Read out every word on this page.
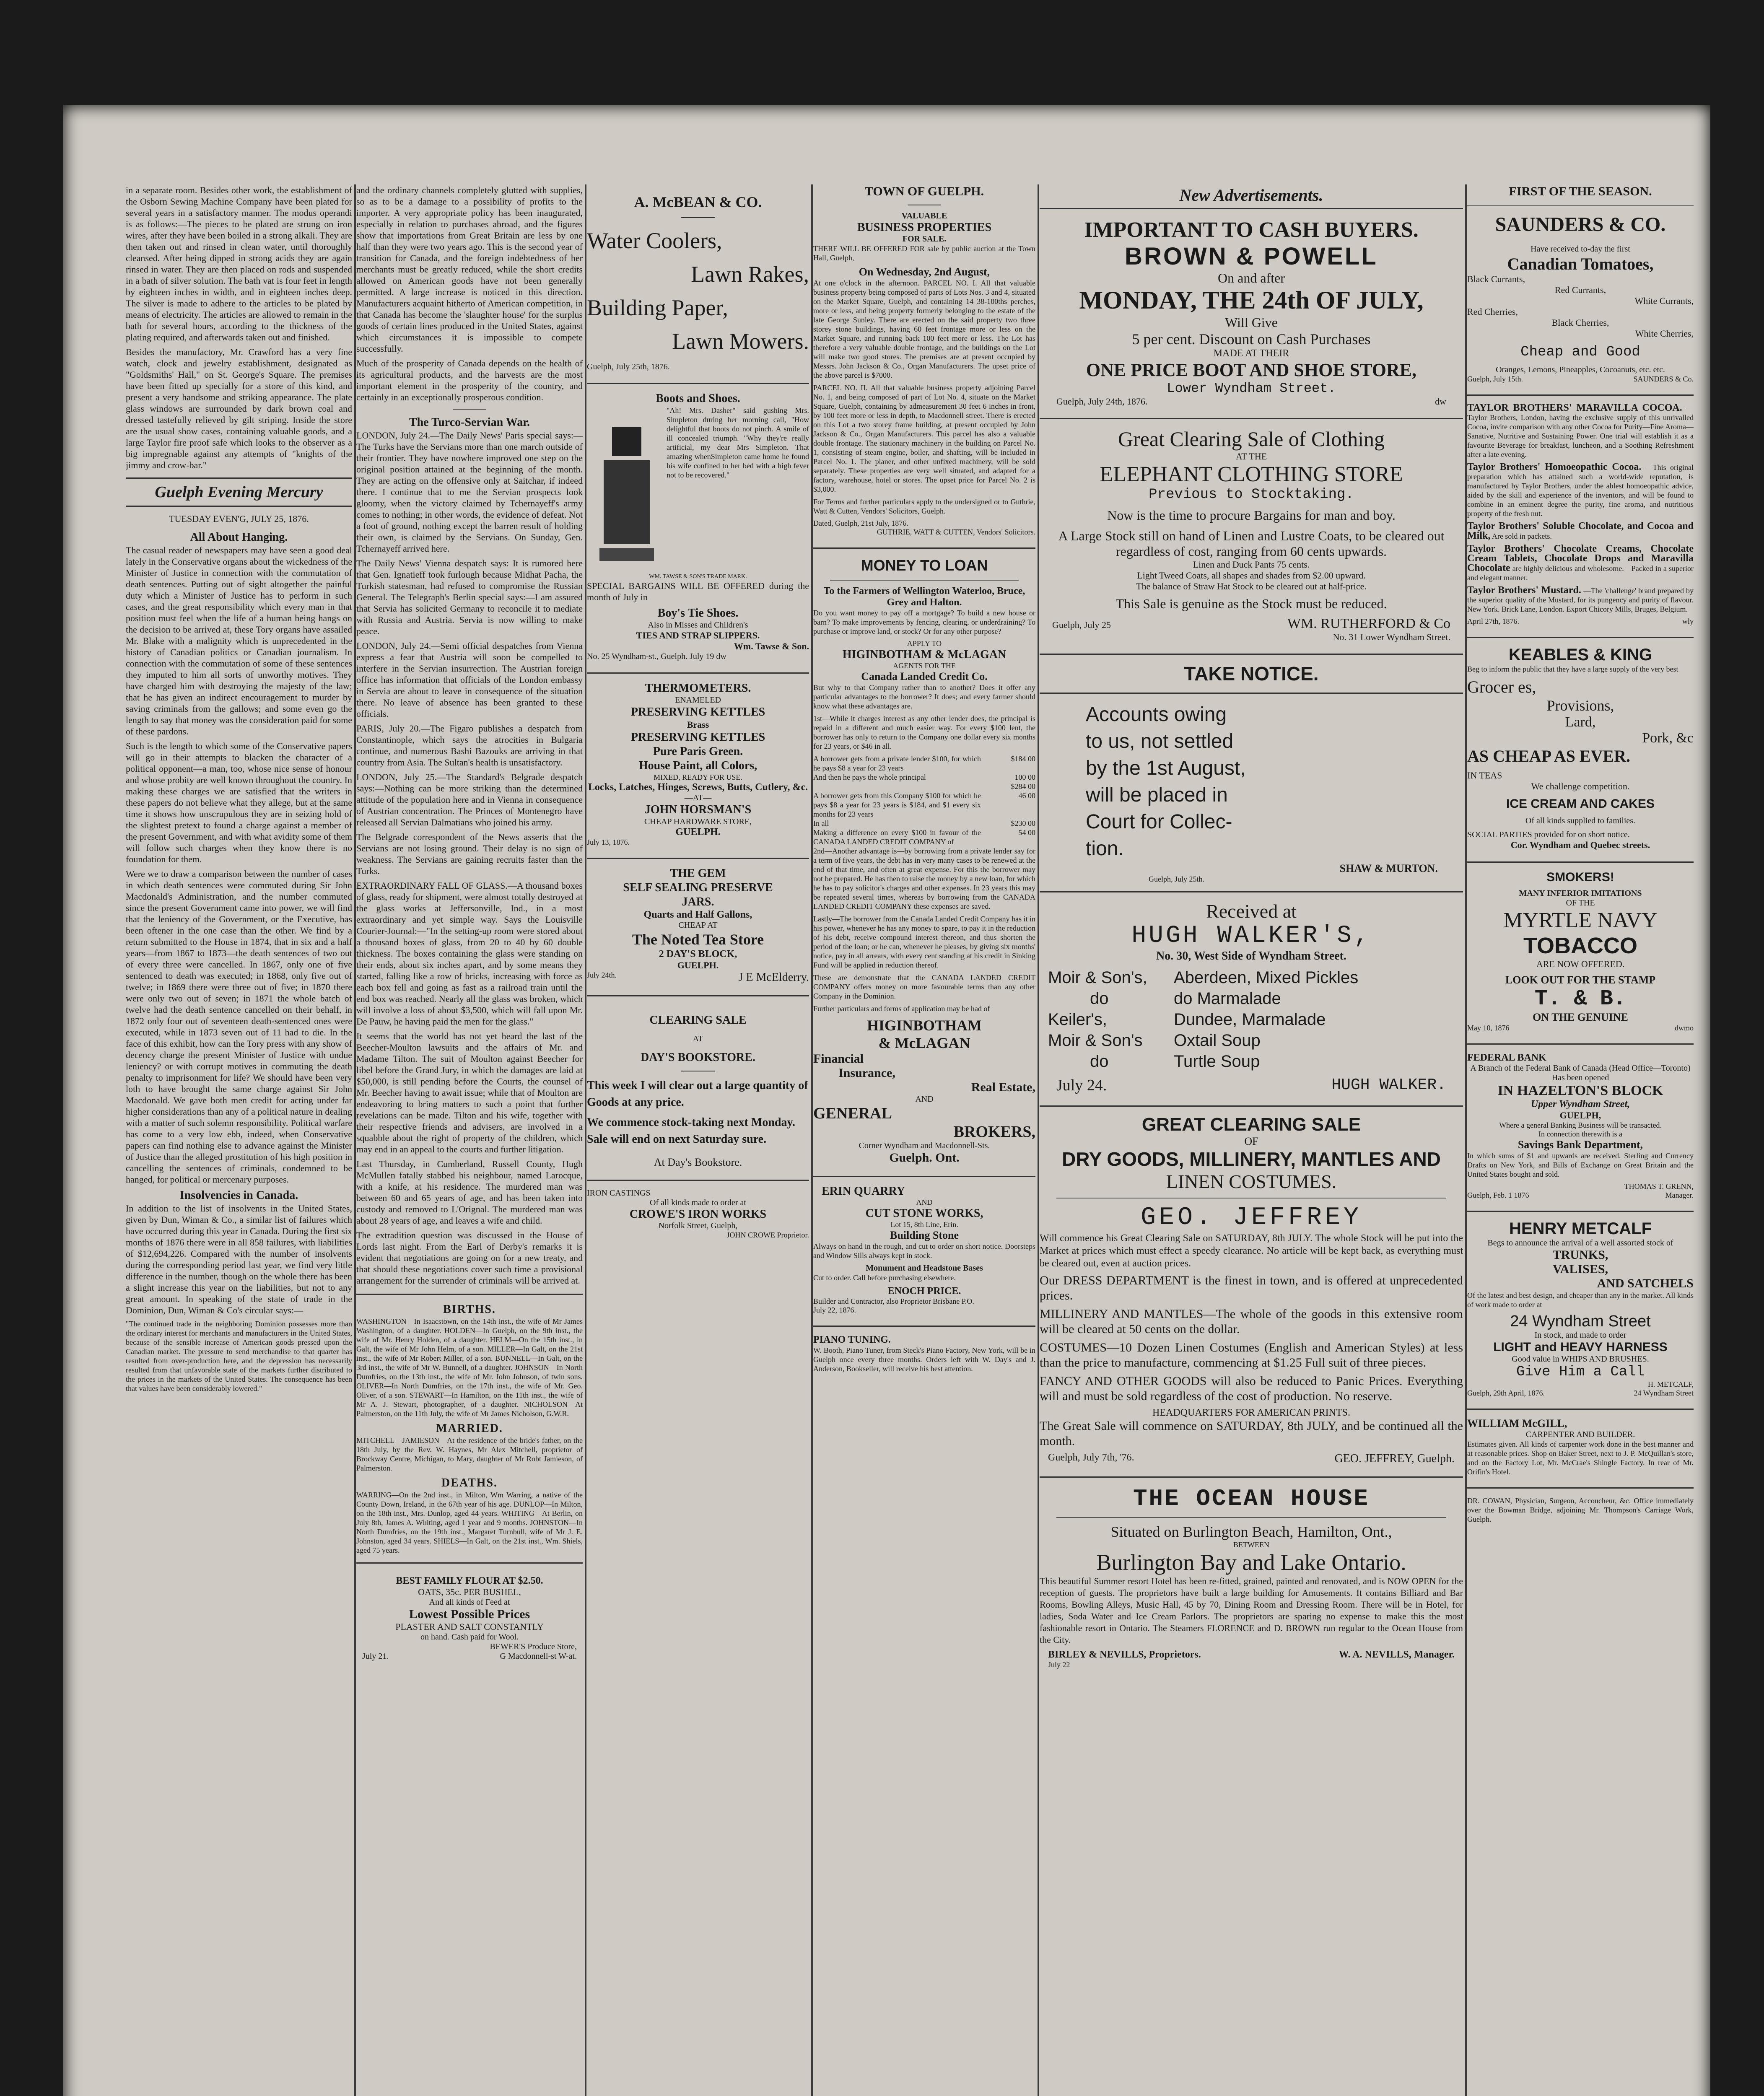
in a separate room. Besides other work, the establishment of the Osborn Sewing Machine Company have been plated for several years in a satisfactory manner. The modus operandi is as follows:—The pieces to be plated are strung on iron wires, after they have been boiled in a strong alkali. They are then taken out and rinsed in clean water, until thoroughly cleansed. After being dipped in strong acids they are again rinsed in water. They are then placed on rods and suspended in a bath of silver solution. The bath vat is four feet in length by eighteen inches in width, and in eighteen inches deep. The silver is made to adhere to the articles to be plated by means of electricity. The articles are allowed to remain in the bath for several hours, according to the thickness of the plating required, and afterwards taken out and finished.

Besides the manufactory, Mr. Crawford has a very fine watch, clock and jewelry establishment, designated as "Goldsmiths' Hall," on St. George's Square. The premises have been fitted up specially for a store of this kind, and present a very handsome and striking appearance. The plate glass windows are surrounded by dark brown coal and dressed tastefully relieved by gilt striping. Inside the store are the usual show cases, containing valuable goods, and a large Taylor fire proof safe which looks to the observer as a big impregnable against any attempts of "knights of the jimmy and crow-bar."

Guelph Evening Mercury
TUESDAY EVEN'G, JULY 25, 1876.
All About Hanging.

The casual reader of newspapers may have seen a good deal lately in the Conservative organs about the wickedness of the Minister of Justice in connection with the commutation of death sentences. Putting out of sight altogether the painful duty which a Minister of Justice has to perform in such cases, and the great responsibility which every man in that position must feel when the life of a human being hangs on the decision to be arrived at, these Tory organs have assailed Mr. Blake with a malignity which is unprecedented in the history of Canadian politics or Canadian journalism. In connection with the commutation of some of these sentences they imputed to him all sorts of unworthy motives. They have charged him with destroying the majesty of the law; that he has given an indirect encouragement to murder by saving criminals from the gallows; and some even go the length to say that money was the consideration paid for some of these pardons.

Such is the length to which some of the Conservative papers will go in their attempts to blacken the character of a political opponent—a man, too, whose nice sense of honour and whose probity are well known throughout the country. In making these charges we are satisfied that the writers in these papers do not believe what they allege, but at the same time it shows how unscrupulous they are in seizing hold of the slightest pretext to found a charge against a member of the present Government, and with what avidity some of them will follow such charges when they know there is no foundation for them.

Were we to draw a comparison between the number of cases in which death sentences were commuted during Sir John Macdonald's Administration, and the number commuted since the present Government came into power, we will find that the leniency of the Government, or the Executive, has been oftener in the one case than the other. We find by a return submitted to the House in 1874, that in six and a half years—from 1867 to 1873—the death sentences of two out of every three were cancelled. In 1867, only one of five sentenced to death was executed; in 1868, only five out of twelve; in 1869 there were three out of five; in 1870 there were only two out of seven; in 1871 the whole batch of twelve had the death sentence cancelled on their behalf, in 1872 only four out of seventeen death-sentenced ones were executed, while in 1873 seven out of 11 had to die. In the face of this exhibit, how can the Tory press with any show of decency charge the present Minister of Justice with undue leniency? or with corrupt motives in commuting the death penalty to imprisonment for life? We should have been very loth to have brought the same charge against Sir John Macdonald. We gave both men credit for acting under far higher considerations than any of a political nature in dealing with a matter of such solemn responsibility. Political warfare has come to a very low ebb, indeed, when Conservative papers can find nothing else to advance against the Minister of Justice than the alleged prostitution of his high position in cancelling the sentences of criminals, condemned to be hanged, for political or mercenary purposes.

Insolvencies in Canada.

In addition to the list of insolvents in the United States, given by Dun, Wiman & Co., a similar list of failures which have occurred during this year in Canada. During the first six months of 1876 there were in all 858 failures, with liabilities of $12,694,226. Compared with the number of insolvents during the corresponding period last year, we find very little difference in the number, though on the whole there has been a slight increase this year on the liabilities, but not to any great amount. In speaking of the state of trade in the Dominion, Dun, Wiman & Co's circular says:—

"The continued trade in the neighboring Dominion possesses more than the ordinary interest for merchants and manufacturers in the United States, because of the sensible increase of American goods pressed upon the Canadian market. The pressure to send merchandise to that quarter has resulted from over-production here, and the depression has necessarily resulted from that unfavorable state of the markets further distributed to the prices in the markets of the United States. The consequence has been that values have been considerably lowered."

and the ordinary channels completely glutted with supplies, so as to be a damage to a possibility of profits to the importer. A very appropriate policy has been inaugurated, especially in relation to purchases abroad, and the figures show that importations from Great Britain are less by one half than they were two years ago. This is the second year of transition for Canada, and the foreign indebtedness of her merchants must be greatly reduced, while the short credits allowed on American goods have not been generally permitted. A large increase is noticed in this direction. Manufacturers acquaint hitherto of American competition, in that Canada has become the 'slaughter house' for the surplus goods of certain lines produced in the United States, against which circumstances it is impossible to compete successfully.

Much of the prosperity of Canada depends on the health of its agricultural products, and the harvests are the most important element in the prosperity of the country, and certainly in an exceptionally prosperous condition.

The Turco-Servian War.

LONDON, July 24.—The Daily News' Paris special says:—The Turks have the Servians more than one march outside of their frontier. They have nowhere improved one step on the original position attained at the beginning of the month. They are acting on the offensive only at Saitchar, if indeed there. I continue that to me the Servian prospects look gloomy, when the victory claimed by Tchernayeff's army comes to nothing; in other words, the evidence of defeat. Not a foot of ground, nothing except the barren result of holding their own, is claimed by the Servians. On Sunday, Gen. Tchernayeff arrived here.

The Daily News' Vienna despatch says: It is rumored here that Gen. Ignatieff took furlough because Midhat Pacha, the Turkish statesman, had refused to compromise the Russian General. The Telegraph's Berlin special says:—I am assured that Servia has solicited Germany to reconcile it to mediate with Russia and Austria. Servia is now willing to make peace.

LONDON, July 24.—Semi official despatches from Vienna express a fear that Austria will soon be compelled to interfere in the Servian insurrection. The Austrian foreign office has information that officials of the London embassy in Servia are about to leave in consequence of the situation there. No leave of absence has been granted to these officials.

PARIS, July 20.—The Figaro publishes a despatch from Constantinople, which says the atrocities in Bulgaria continue, and numerous Bashi Bazouks are arriving in that country from Asia. The Sultan's health is unsatisfactory.

LONDON, July 25.—The Standard's Belgrade despatch says:—Nothing can be more striking than the determined attitude of the population here and in Vienna in consequence of Austrian concentration. The Princes of Montenegro have released all Servian Dalmatians who joined his army.

The Belgrade correspondent of the News asserts that the Servians are not losing ground. Their delay is no sign of weakness. The Servians are gaining recruits faster than the Turks.

EXTRAORDINARY FALL OF GLASS.—A thousand boxes of glass, ready for shipment, were almost totally destroyed at the glass works at Jeffersonville, Ind., in a most extraordinary and yet simple way. Says the Louisville Courier-Journal:—"In the setting-up room were stored about a thousand boxes of glass, from 20 to 40 by 60 double thickness. The boxes containing the glass were standing on their ends, about six inches apart, and by some means they started, falling like a row of bricks, increasing with force as each box fell and going as fast as a railroad train until the end box was reached. Nearly all the glass was broken, which will involve a loss of about $3,500, which will fall upon Mr. De Pauw, he having paid the men for the glass."

It seems that the world has not yet heard the last of the Beecher-Moulton lawsuits and the affairs of Mr. and Madame Tilton. The suit of Moulton against Beecher for libel before the Grand Jury, in which the damages are laid at $50,000, is still pending before the Courts, the counsel of Mr. Beecher having to await issue; while that of Moulton are endeavoring to bring matters to such a point that further revelations can be made. Tilton and his wife, together with their respective friends and advisers, are involved in a squabble about the right of property of the children, which may end in an appeal to the courts and further litigation.

Last Thursday, in Cumberland, Russell County, Hugh McMullen fatally stabbed his neighbour, named Larocque, with a knife, at his residence. The murdered man was between 60 and 65 years of age, and has been taken into custody and removed to L'Orignal. The murdered man was about 28 years of age, and leaves a wife and child.

The extradition question was discussed in the House of Lords last night. From the Earl of Derby's remarks it is evident that negotiations are going on for a new treaty, and that should these negotiations cover such time a provisional arrangement for the surrender of criminals will be arrived at.

BIRTHS.

WASHINGTON—In Isaacstown, on the 14th inst., the wife of Mr James Washington, of a daughter. HOLDEN—In Guelph, on the 9th inst., the wife of Mr. Henry Holden, of a daughter. HELM—On the 15th inst., in Galt, the wife of Mr John Helm, of a son. MILLER—In Galt, on the 21st inst., the wife of Mr Robert Miller, of a son. BUNNELL—In Galt, on the 3rd inst., the wife of Mr W. Bunnell, of a daughter. JOHNSON—In North Dumfries, on the 13th inst., the wife of Mr. John Johnson, of twin sons. OLIVER—In North Dumfries, on the 17th inst., the wife of Mr. Geo. Oliver, of a son. STEWART—In Hamilton, on the 11th inst., the wife of Mr A. J. Stewart, photographer, of a daughter. NICHOLSON—At Palmerston, on the 11th July, the wife of Mr James Nicholson, G.W.R.

MARRIED.

MITCHELL—JAMIESON—At the residence of the bride's father, on the 18th July, by the Rev. W. Haynes, Mr Alex Mitchell, proprietor of Brockway Centre, Michigan, to Mary, daughter of Mr Robt Jamieson, of Palmerston.

DEATHS.

WARRING—On the 2nd inst., in Milton, Wm Warring, a native of the County Down, Ireland, in the 67th year of his age. DUNLOP—In Milton, on the 18th inst., Mrs. Dunlop, aged 44 years. WHITING—At Berlin, on July 8th, James A. Whiting, aged 1 year and 9 months. JOHNSTON—In North Dumfries, on the 19th inst., Margaret Turnbull, wife of Mr J. E. Johnston, aged 34 years. SHIELS—In Galt, on the 21st inst., Wm. Shiels, aged 75 years.

BEST FAMILY FLOUR AT $2.50.
OATS, 35c. PER BUSHEL,
And all kinds of Feed at
Lowest Possible Prices
PLASTER AND SALT CONSTANTLY
on hand. Cash paid for Wool.
BEWER'S Produce Store,
July 21.	G Macdonnell-st W-at.
A. McBEAN & CO.
Water Coolers,
Lawn Rakes,
Building Paper,
Lawn Mowers.
Guelph, July 25th, 1876.
Boots and Shoes.

"Ah! Mrs. Dasher" said gushing Mrs. Simpleton during her morning call, "How delightful that boots do not pinch. A smile of ill concealed triumph. "Why they're really artificial, my dear Mrs Simpleton. That amazing whenSimpleton came home he found his wife confined to her bed with a high fever not to be recovered."

WM. TAWSE & SON'S TRADE MARK.

SPECIAL BARGAINS WILL BE OFFERED during the month of July in

Boy's Tie Shoes.
Also in Misses and Children's
TIES AND STRAP SLIPPERS.
Wm. Tawse & Son.
No. 25 Wyndham-st., Guelph. July 19 dw
THERMOMETERS.
ENAMELED
PRESERVING KETTLES
Brass
PRESERVING KETTLES
Pure Paris Green.
House Paint, all Colors,
MIXED, READY FOR USE.
Locks, Latches, Hinges, Screws, Butts, Cutlery, &c.
—AT—
JOHN HORSMAN'S
CHEAP HARDWARE STORE,
GUELPH.
July 13, 1876.
THE GEM
SELF SEALING PRESERVE
JARS.
Quarts and Half Gallons,
CHEAP AT
The Noted Tea Store
2 DAY'S BLOCK,
GUELPH.
July 24th.	J E McElderry.
CLEARING SALE
AT
DAY'S BOOKSTORE.

This week I will clear out a large quantity of Goods at any price.

We commence stock-taking next Monday. Sale will end on next Saturday sure.

At Day's Bookstore.
IRON CASTINGS
Of all kinds made to order at
CROWE'S IRON WORKS
Norfolk Street, Guelph,
JOHN CROWE Proprietor.
TOWN OF GUELPH.
VALUABLE
BUSINESS PROPERTIES
FOR SALE.

THERE WILL BE OFFERED FOR sale by public auction at the Town Hall, Guelph,

On Wednesday, 2nd August,

At one o'clock in the afternoon. PARCEL NO. I. All that valuable business property being composed of parts of Lots Nos. 3 and 4, situated on the Market Square, Guelph, and containing 14 38-100ths perches, more or less, and being property formerly belonging to the estate of the late George Sunley. There are erected on the said property two three storey stone buildings, having 60 feet frontage more or less on the Market Square, and running back 100 feet more or less. The Lot has therefore a very valuable double frontage, and the buildings on the Lot will make two good stores. The premises are at present occupied by Messrs. John Jackson & Co., Organ Manufacturers. The upset price of the above parcel is $7000.

PARCEL NO. II. All that valuable business property adjoining Parcel No. 1, and being composed of part of Lot No. 4, situate on the Market Square, Guelph, containing by admeasurement 30 feet 6 inches in front, by 100 feet more or less in depth, to Macdonnell street. There is erected on this Lot a two storey frame building, at present occupied by John Jackson & Co., Organ Manufacturers. This parcel has also a valuable double frontage. The stationary machinery in the building on Parcel No. 1, consisting of steam engine, boiler, and shafting, will be included in Parcel No. 1. The planer, and other unfixed machinery, will be sold separately. These properties are very well situated, and adapted for a factory, warehouse, hotel or stores. The upset price for Parcel No. 2 is $3,000.

For Terms and further particulars apply to the undersigned or to Guthrie, Watt & Cutten, Vendors' Solicitors, Guelph.

Dated, Guelph, 21st July, 1876.
GUTHRIE, WATT & CUTTEN, Vendors' Solicitors.
MONEY TO LOAN
To the Farmers of Wellington Waterloo, Bruce, Grey and Halton.

Do you want money to pay off a mortgage? To build a new house or barn? To make improvements by fencing, clearing, or underdraining? To purchase or improve land, or stock? Or for any other purpose?

APPLY TO
HIGINBOTHAM & McLAGAN
AGENTS FOR THE
Canada Landed Credit Co.

But why to that Company rather than to another? Does it offer any particular advantages to the borrower? It does; and every farmer should know what these advantages are.

1st—While it charges interest as any other lender does, the principal is repaid in a different and much easier way. For every $100 lent, the borrower has only to return to the Company one dollar every six months for 23 years, or $46 in all.

A borrower gets from a private lender $100, for which he pays $8 a year for 23 years
$184 00
And then he pays the whole principal	100 00
$284 00
A borrower gets from this Company $100 for which he pays $8 a year for 23 years is $184, and $1 every six months for 23 years
46 00
In all	$230 00
Making a difference on every $100 in favour of the CANADA LANDED CREDIT COMPANY of
54 00

2nd—Another advantage is—by borrowing from a private lender say for a term of five years, the debt has in very many cases to be renewed at the end of that time, and often at great expense. For this the borrower may not be prepared. He has then to raise the money by a new loan, for which he has to pay solicitor's charges and other expenses. In 23 years this may be repeated several times, whereas by borrowing from the CANADA LANDED CREDIT COMPANY these expenses are saved.

Lastly—The borrower from the Canada Landed Credit Company has it in his power, whenever he has any money to spare, to pay it in the reduction of his debt, receive compound interest thereon, and thus shorten the period of the loan; or he can, whenever he pleases, by giving six months' notice, pay in all arrears, with every cent standing at his credit in Sinking Fund will be applied in reduction thereof.

These are demonstrate that the CANADA LANDED CREDIT COMPANY offers money on more favourable terms than any other Company in the Dominion.

Further particulars and forms of application may be had of

HIGINBOTHAM
& McLAGAN
Financial
Insurance,
Real Estate,
AND
GENERAL
BROKERS,
Corner Wyndham and Macdonnell-Sts.
Guelph. Ont.
ERIN QUARRY
AND
CUT STONE WORKS,
Lot 15, 8th Line, Erin.
Building Stone

Always on hand in the rough, and cut to order on short notice. Doorsteps and Window Sills always kept in stock.

Monument and Headstone Bases

Cut to order. Call before purchasing elsewhere.

ENOCH PRICE.
Builder and Contractor, also Proprietor Brisbane P.O.
July 22, 1876.
PIANO TUNING.

W. Booth, Piano Tuner, from Steck's Piano Factory, New York, will be in Guelph once every three months. Orders left with W. Day's and J. Anderson, Bookseller, will receive his best attention.

New Advertisements.
IMPORTANT TO CASH BUYERS.
BROWN & POWELL
On and after
MONDAY, THE 24th OF JULY,
Will Give
5 per cent. Discount on Cash Purchases
MADE AT THEIR
ONE PRICE BOOT AND SHOE STORE,
Lower Wyndham Street.
Guelph, July 24th, 1876.	dw
Great Clearing Sale of Clothing
AT THE
ELEPHANT CLOTHING STORE
Previous to Stocktaking.
Now is the time to procure Bargains for man and boy.
A Large Stock still on hand of Linen and Lustre Coats, to be cleared out regardless of cost, ranging from 60 cents upwards.
Linen and Duck Pants 75 cents.
Light Tweed Coats, all shapes and shades from $2.00 upward.
The balance of Straw Hat Stock to be cleared out at half-price.
This Sale is genuine as the Stock must be reduced.
Guelph, July 25	WM. RUTHERFORD & Co
No. 31 Lower Wyndham Street.
TAKE NOTICE.
Accounts owing
to us, not settled
by the 1st August,
will be placed in
Court for Collec-
tion.
SHAW & MURTON.
Guelph, July 25th.
Received at
HUGH WALKER'S,
No. 30, West Side of Wyndham Street.
Moir & Son's, Aberdeen, Mixed Pickles
do	do Marmalade
Keiler's,	Dundee, Marmalade
Moir & Son's Oxtail Soup
do	Turtle Soup
July 24.	HUGH WALKER.
GREAT CLEARING SALE
OF
DRY GOODS, MILLINERY, MANTLES AND
LINEN COSTUMES.
GEO. JEFFREY

Will commence his Great Clearing Sale on SATURDAY, 8th JULY. The whole Stock will be put into the Market at prices which must effect a speedy clearance. No article will be kept back, as everything must be cleared out, even at auction prices.

Our DRESS DEPARTMENT is the finest in town, and is offered at unprecedented prices.

MILLINERY AND MANTLES—The whole of the goods in this extensive room will be cleared at 50 cents on the dollar.

COSTUMES—10 Dozen Linen Costumes (English and American Styles) at less than the price to manufacture, commencing at $1.25 Full suit of three pieces.

FANCY AND OTHER GOODS will also be reduced to Panic Prices. Everything will and must be sold regardless of the cost of production. No reserve.

HEADQUARTERS FOR AMERICAN PRINTS.

The Great Sale will commence on SATURDAY, 8th JULY, and be continued all the month.

Guelph, July 7th, '76.	GEO. JEFFREY, Guelph.
THE OCEAN HOUSE
Situated on Burlington Beach, Hamilton, Ont.,
BETWEEN
Burlington Bay and Lake Ontario.

This beautiful Summer resort Hotel has been re-fitted, grained, painted and renovated, and is NOW OPEN for the reception of guests. The proprietors have built a large building for Amusements. It contains Billiard and Bar Rooms, Bowling Alleys, Music Hall, 45 by 70, Dining Room and Dressing Room. There will be in Hotel, for ladies, Soda Water and Ice Cream Parlors. The proprietors are sparing no expense to make this the most fashionable resort in Ontario. The Steamers FLORENCE and D. BROWN run regular to the Ocean House from the City.

BIRLEY & NEVILLS, Proprietors.	W. A. NEVILLS, Manager.
July 22
FIRST OF THE SEASON.
SAUNDERS & CO.
Have received to-day the first
Canadian Tomatoes,
Black Currants,
Red Currants,
White Currants,
Red Cherries,
Black Cherries,
White Cherries,
Cheap and Good
Oranges, Lemons, Pineapples, Cocoanuts, etc. etc.
Guelph, July 15th.	SAUNDERS & Co.

TAYLOR BROTHERS' MARAVILLA COCOA. —Taylor Brothers, London, having the exclusive supply of this unrivalled Cocoa, invite comparison with any other Cocoa for Purity—Fine Aroma—Sanative, Nutritive and Sustaining Power. One trial will establish it as a favourite Beverage for breakfast, luncheon, and a Soothing Refreshment after a late evening.

Taylor Brothers' Homoeopathic Cocoa. —This original preparation which has attained such a world-wide reputation, is manufactured by Taylor Brothers, under the ablest homoeopathic advice, aided by the skill and experience of the inventors, and will be found to combine in an eminent degree the purity, fine aroma, and nutritious property of the fresh nut.

Taylor Brothers' Soluble Chocolate, and Cocoa and Milk, Are sold in packets.

Taylor Brothers' Chocolate Creams, Chocolate Cream Tablets, Chocolate Drops and Maravilla Chocolate are highly delicious and wholesome.—Packed in a superior and elegant manner.

Taylor Brothers' Mustard. —The 'challenge' brand prepared by the superior quality of the Mustard, for its pungency and purity of flavour. New York. Brick Lane, London. Export Chicory Mills, Bruges, Belgium.

April 27th, 1876.	wly
KEABLES & KING

Beg to inform the public that they have a large supply of the very best

Grocer es,
Provisions,
Lard,
Pork, &c
AS CHEAP AS EVER.
IN TEAS
We challenge competition.
ICE CREAM AND CAKES
Of all kinds supplied to families.
SOCIAL PARTIES provided for on short notice.
Cor. Wyndham and Quebec streets.
SMOKERS!
MANY INFERIOR IMITATIONS
OF THE
MYRTLE NAVY
TOBACCO
ARE NOW OFFERED.
LOOK OUT FOR THE STAMP
T. & B.
ON THE GENUINE
May 10, 1876	dwmo
FEDERAL BANK
A Branch of the Federal Bank of Canada (Head Office—Toronto) Has been opened
IN HAZELTON'S BLOCK
Upper Wyndham Street,
GUELPH,
Where a general Banking Business will be transacted.
In connection therewith is a
Savings Bank Department,

In which sums of $1 and upwards are received. Sterling and Currency Drafts on New York, and Bills of Exchange on Great Britain and the United States bought and sold.

THOMAS T. GRENN,
Guelph, Feb. 1 1876	Manager.
HENRY METCALF
Begs to announce the arrival of a well assorted stock of
TRUNKS,
VALISES,
AND SATCHELS

Of the latest and best design, and cheaper than any in the market. All kinds of work made to order at

24 Wyndham Street
In stock, and made to order
LIGHT and HEAVY HARNESS
Good value in WHIPS AND BRUSHES.
Give Him a Call
H. METCALF,
Guelph, 29th April, 1876.	24 Wyndham Street
WILLIAM McGILL,
CARPENTER AND BUILDER.

Estimates given. All kinds of carpenter work done in the best manner and at reasonable prices. Shop on Baker Street, next to J. P. McQuillan's store, and on the Factory Lot, Mr. McCrae's Shingle Factory. In rear of Mr. Orifin's Hotel.

DR. COWAN, Physician, Surgeon, Accoucheur, &c. Office immediately over the Bowman Bridge, adjoining Mr. Thompson's Carriage Work, Guelph.
